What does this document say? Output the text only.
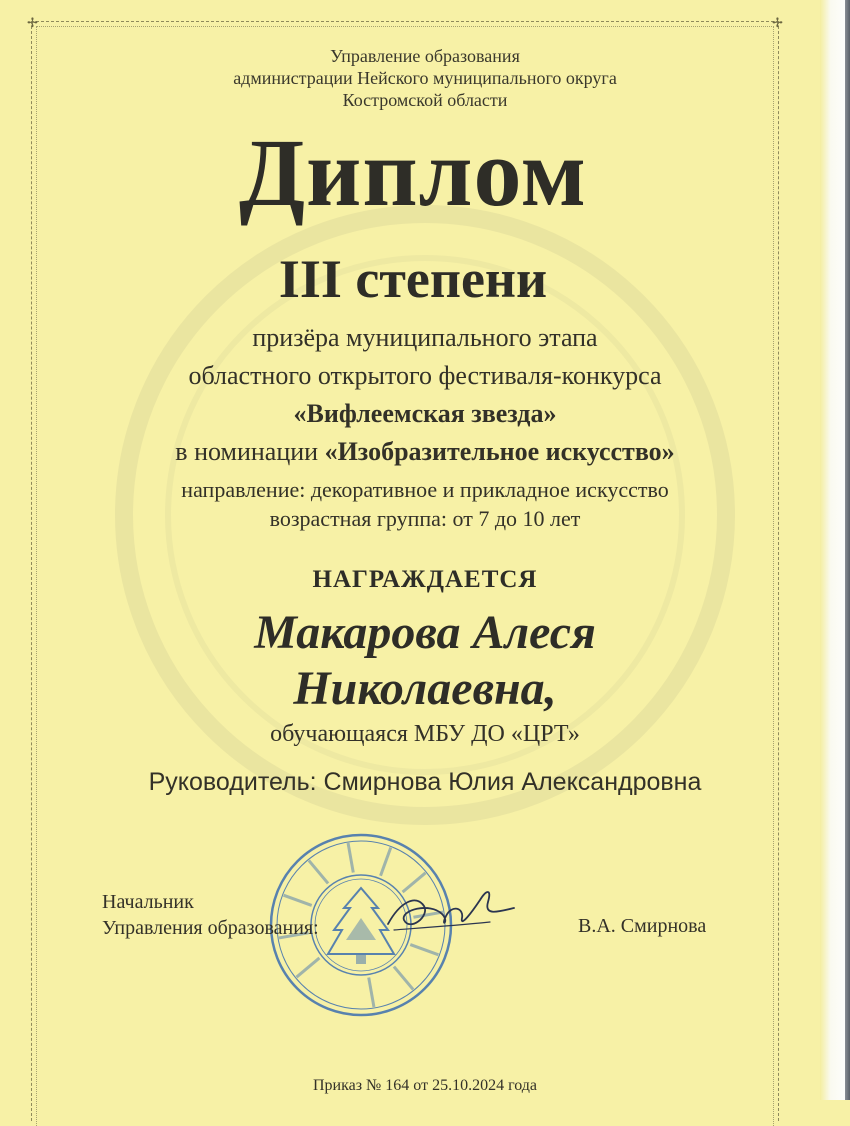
✢	✢
Управление образования
администрации Нейского муниципального округа
Костромской области
Диплом
III степени
призёра муниципального этапа
областного открытого фестиваля-конкурса
«Вифлеемская звезда»
в номинации «Изобразительное искусство»
направление: декоративное и прикладное искусство
возрастная группа: от 7 до 10 лет
НАГРАЖДАЕТСЯ
Макарова Алеся
Николаевна,
обучающаяся МБУ ДО «ЦРТ»
Руководитель: Смирнова Юлия Александровна
Начальник
Управления образования:	В.А. Смирнова
Приказ № 164 от 25.10.2024 года
